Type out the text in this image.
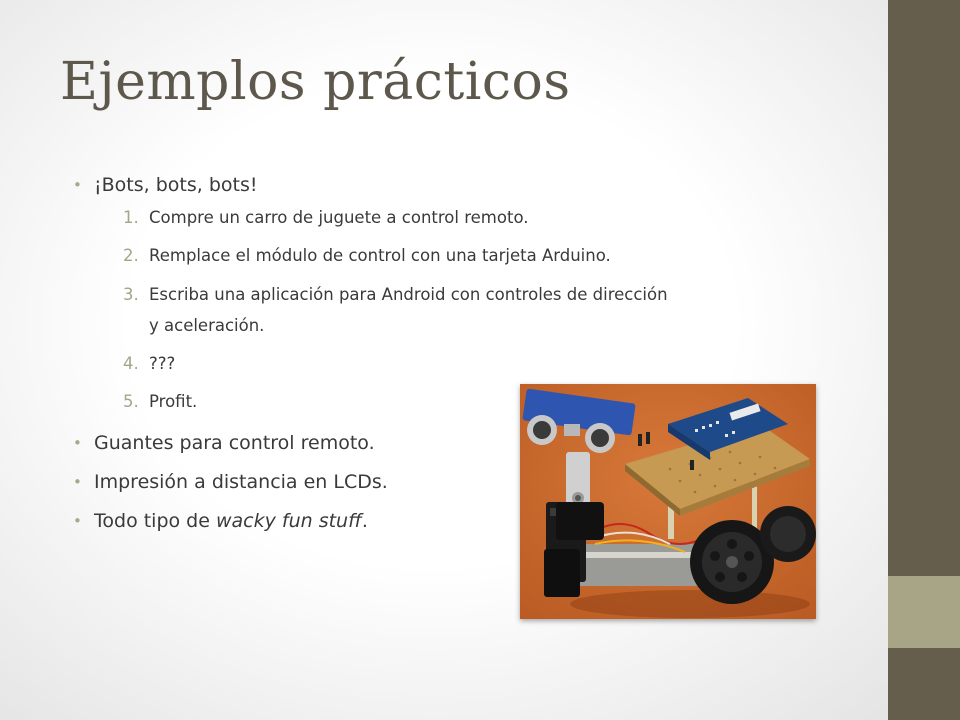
Ejemplos prácticos
• ¡Bots, bots, bots!
1. Compre un carro de juguete a control remoto.
2. Remplace el módulo de control con una tarjeta Arduino.
3. Escriba una aplicación para Android con controles de dirección
y aceleración.
4. ???
5. Profit.
• Guantes para control remoto.
• Impresión a distancia en LCDs.
• Todo tipo de wacky fun stuff.
